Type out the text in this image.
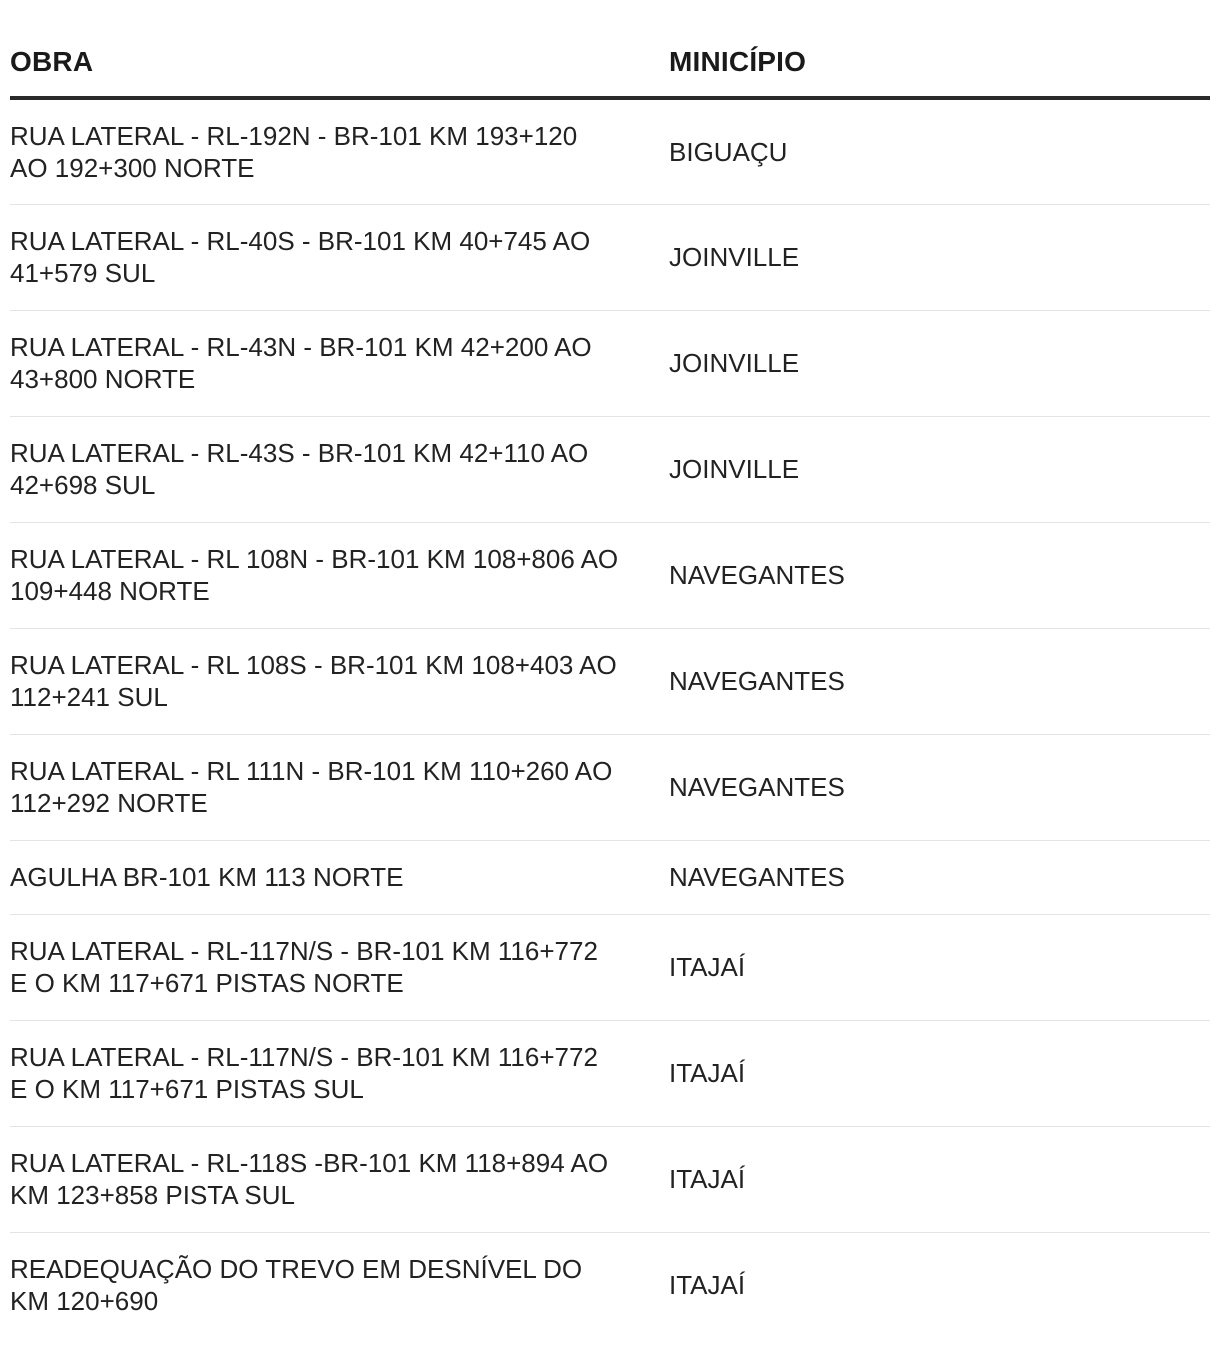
OBRA	MINICÍPIO
RUA LATERAL - RL-192N - BR-101 KM 193+120 AO 192+300 NORTE	BIGUAÇU
RUA LATERAL - RL-40S - BR-101 KM 40+745 AO 41+579 SUL	JOINVILLE
RUA LATERAL - RL-43N - BR-101 KM 42+200 AO 43+800 NORTE	JOINVILLE
RUA LATERAL - RL-43S - BR-101 KM 42+110 AO 42+698 SUL	JOINVILLE
RUA LATERAL - RL 108N - BR-101 KM 108+806 AO 109+448 NORTE	NAVEGANTES
RUA LATERAL - RL 108S - BR-101 KM 108+403 AO 112+241 SUL	NAVEGANTES
RUA LATERAL - RL 111N - BR-101 KM 110+260 AO 112+292 NORTE	NAVEGANTES
AGULHA BR-101 KM 113 NORTE	NAVEGANTES
RUA LATERAL - RL-117N/S - BR-101 KM 116+772 E O KM 117+671 PISTAS NORTE	ITAJAÍ
RUA LATERAL - RL-117N/S - BR-101 KM 116+772 E O KM 117+671 PISTAS SUL	ITAJAÍ
RUA LATERAL - RL-118S -BR-101 KM 118+894 AO KM 123+858 PISTA SUL	ITAJAÍ
READEQUAÇÃO DO TREVO EM DESNÍVEL DO KM 120+690	ITAJAÍ
